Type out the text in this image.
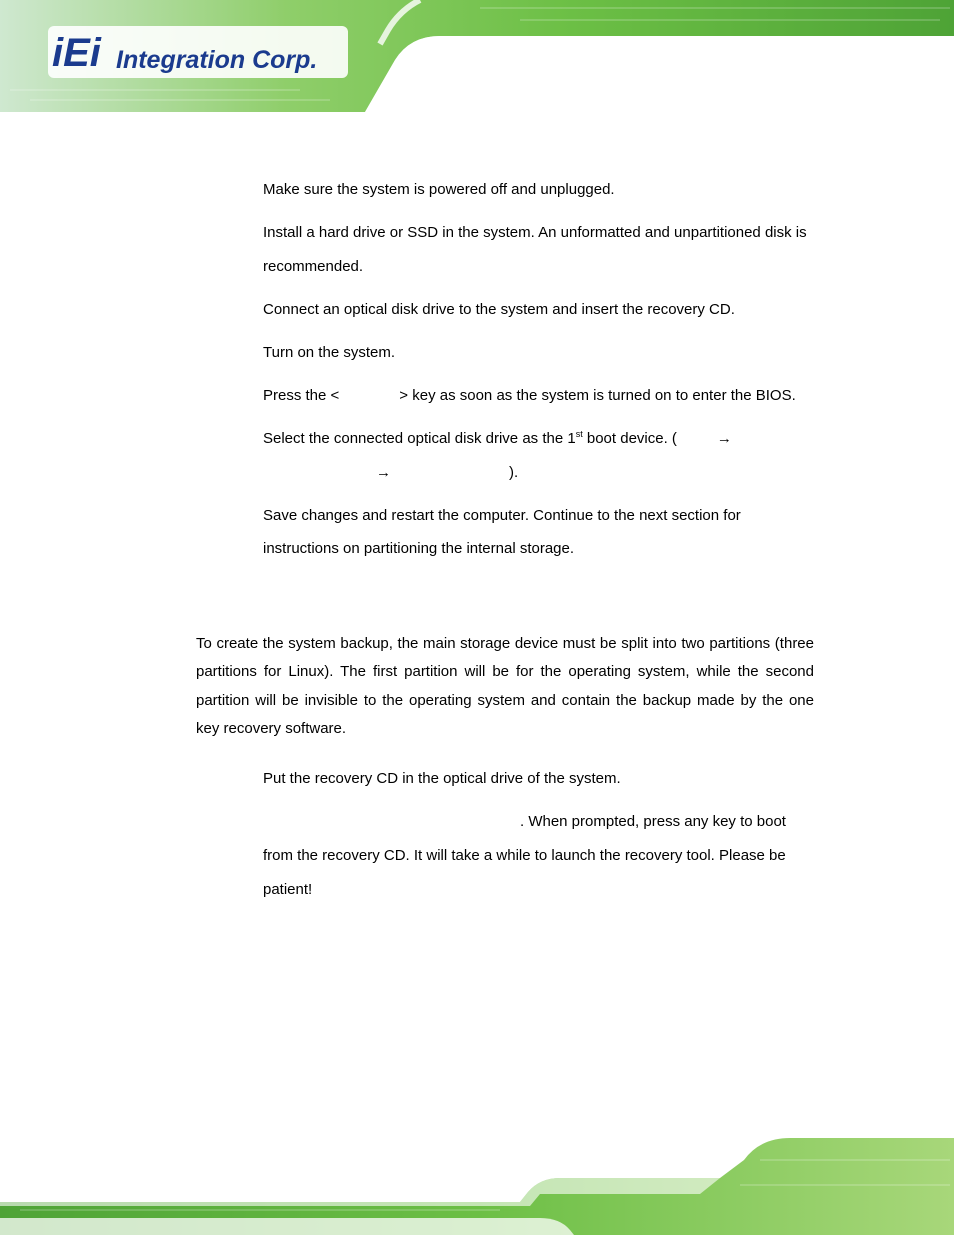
iEi Integration Corp.

Make sure the system is powered off and unplugged.

Install a hard drive or SSD in the system. An unformatted and unpartitioned disk is recommended.

Connect an optical disk drive to the system and insert the recovery CD.

Turn on the system.

Press the <	> key as soon as the system is turned on to enter the BIOS.

Select the connected optical disk drive as the 1st boot device. (	→
→	).

Save changes and restart the computer. Continue to the next section for instructions on partitioning the internal storage.

To create the system backup, the main storage device must be split into two partitions (three partitions for Linux). The first partition will be for the operating system, while the second partition will be invisible to the operating system and contain the backup made by the one key recovery software.

Put the recovery CD in the optical drive of the system.

. When prompted, press any key to boot
from the recovery CD. It will take a while to launch the recovery tool. Please be patient!
